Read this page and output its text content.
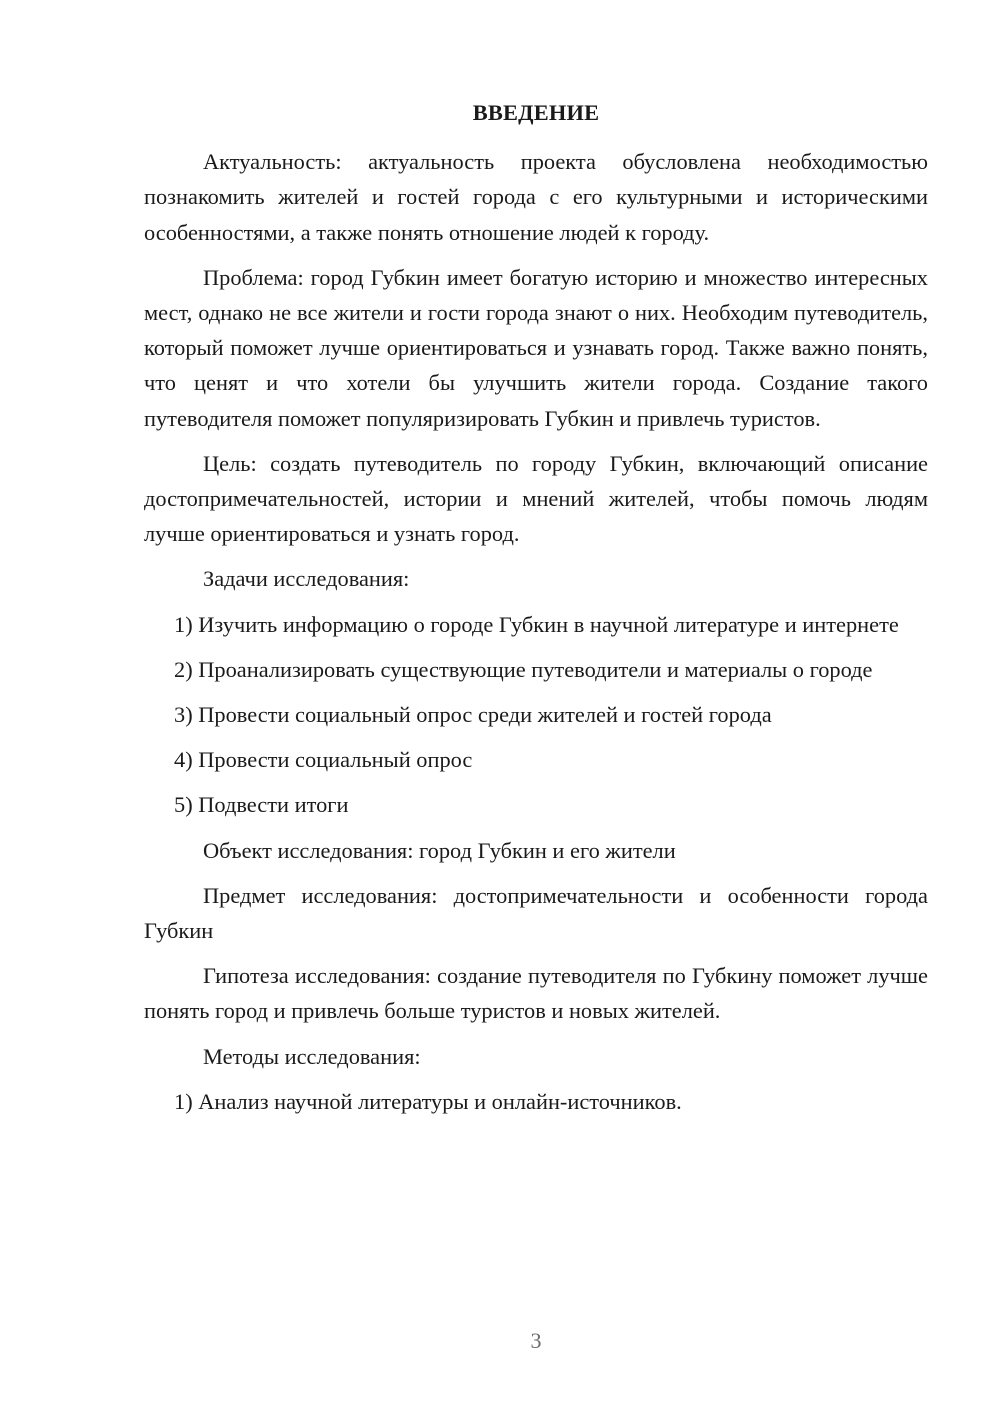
ВВЕДЕНИЕ

Актуальность: актуальность проекта обусловлена необходимостью познакомить жителей и гостей города с его культурными и историческими особенностями, а также понять отношение людей к городу.

Проблема: город Губкин имеет богатую историю и множество интересных мест, однако не все жители и гости города знают о них. Необходим путеводитель, который поможет лучше ориентироваться и узнавать город. Также важно понять, что ценят и что хотели бы улучшить жители города. Создание такого путеводителя поможет популяризировать Губкин и привлечь туристов.

Цель: создать путеводитель по городу Губкин, включающий описание достопримечательностей, истории и мнений жителей, чтобы помочь людям лучше ориентироваться и узнать город.

Задачи исследования:

1) Изучить информацию о городе Губкин в научной литературе и интернете

2) Проанализировать существующие путеводители и материалы о городе

3) Провести социальный опрос среди жителей и гостей города

4) Провести социальный опрос

5) Подвести итоги

Объект исследования: город Губкин и его жители

Предмет исследования: достопримечательности и особенности города Губкин

Гипотеза исследования: создание путеводителя по Губкину поможет лучше понять город и привлечь больше туристов и новых жителей.

Методы исследования:

1) Анализ научной литературы и онлайн-источников.

3
